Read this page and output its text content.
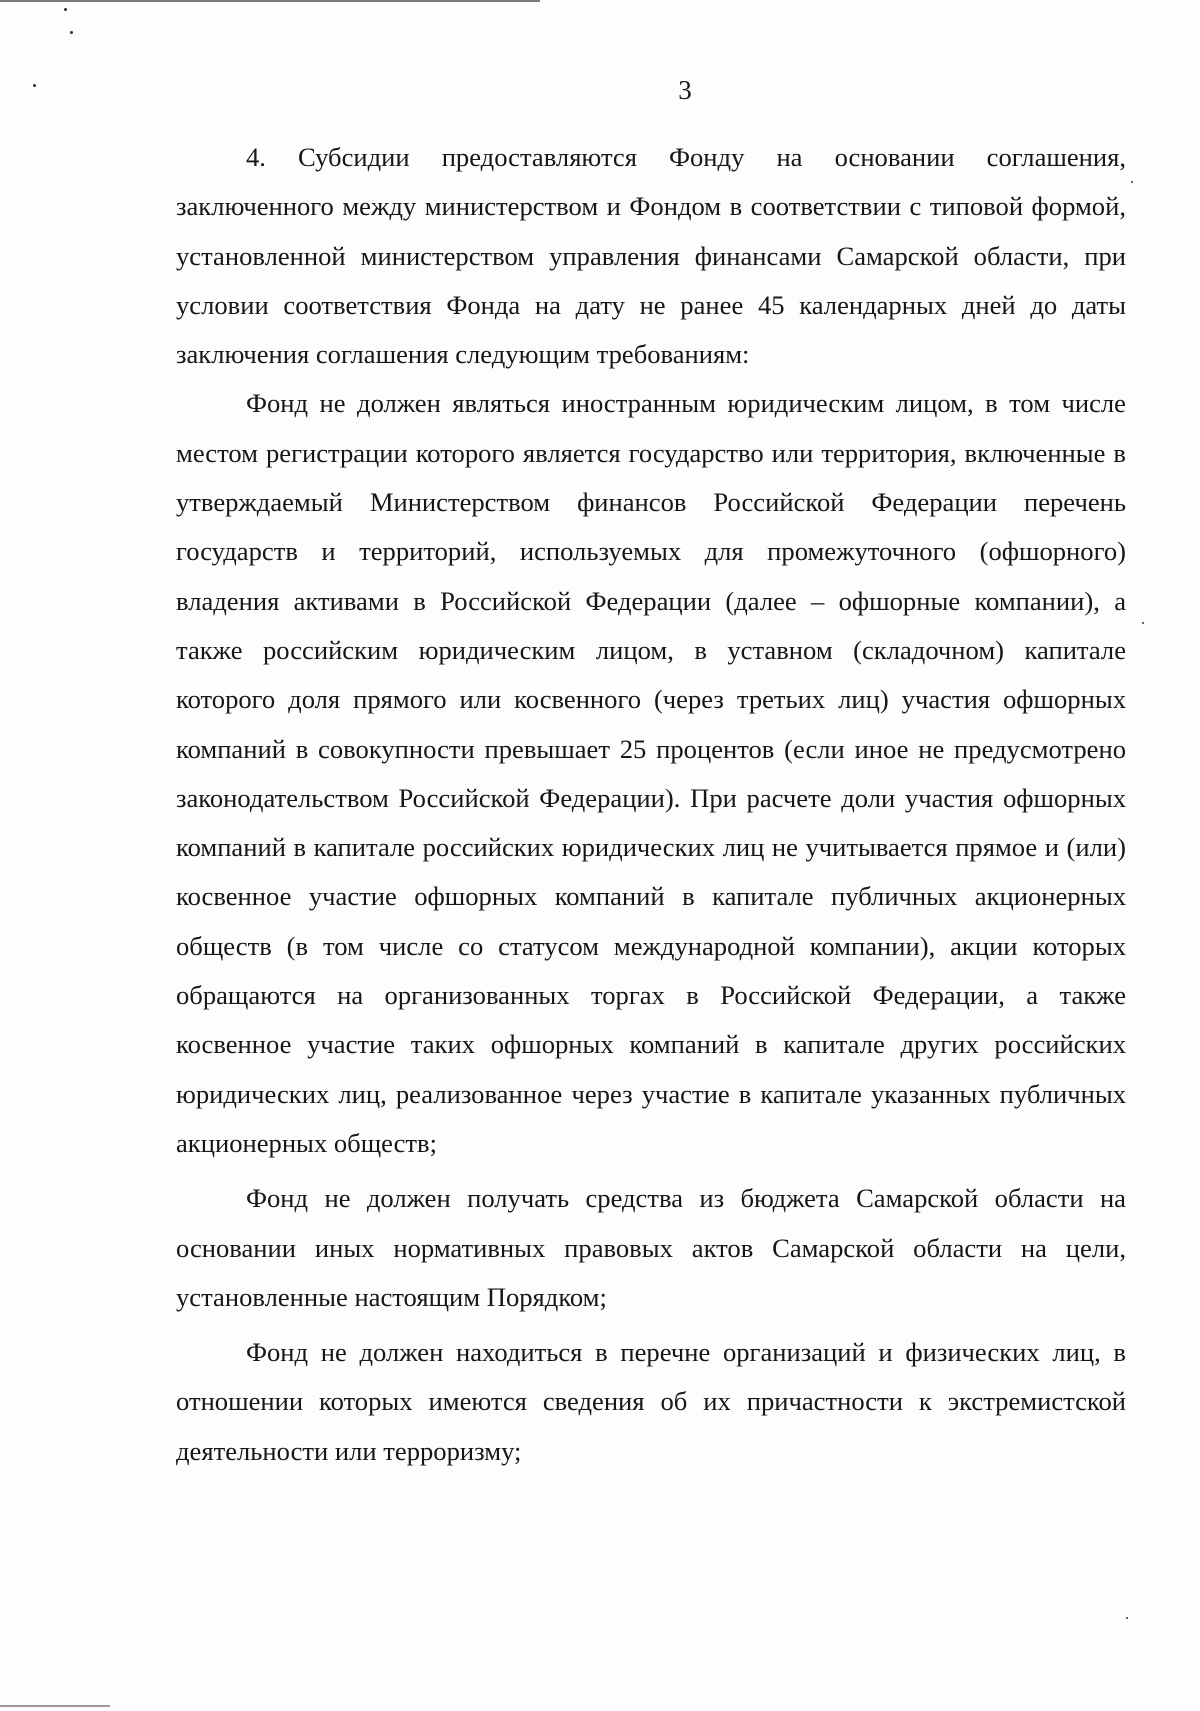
3

4. Субсидии предоставляются Фонду на основании соглашения, заключенного между министерством и Фондом в соответствии с типовой формой, установленной министерством управления финансами Самарской области, при условии соответствия Фонда на дату не ранее 45 календарных дней до даты заключения соглашения следующим требованиям:

Фонд не должен являться иностранным юридическим лицом, в том числе местом регистрации которого является государство или территория, включенные в утверждаемый Министерством финансов Российской Федерации перечень государств и территорий, используемых для промежуточного (офшорного) владения активами в Российской Федерации (далее – офшорные компании), а также российским юридическим лицом, в уставном (складочном) капитале которого доля прямого или косвенного (через третьих лиц) участия офшорных компаний в совокупности превышает 25 процентов (если иное не предусмотрено законодательством Российской Федерации). При расчете доли участия офшорных компаний в капитале российских юридических лиц не учитывается прямое и (или) косвенное участие офшорных компаний в капитале публичных акционерных обществ (в том числе со статусом международной компании), акции которых обращаются на организованных торгах в Российской Федерации, а также косвенное участие таких офшорных компаний в капитале других российских юридических лиц, реализованное через участие в капитале указанных публичных акционерных обществ;

Фонд не должен получать средства из бюджета Самарской области на основании иных нормативных правовых актов Самарской области на цели, установленные настоящим Порядком;

Фонд не должен находиться в перечне организаций и физических лиц, в отношении которых имеются сведения об их причастности к экстремистской деятельности или терроризму;
